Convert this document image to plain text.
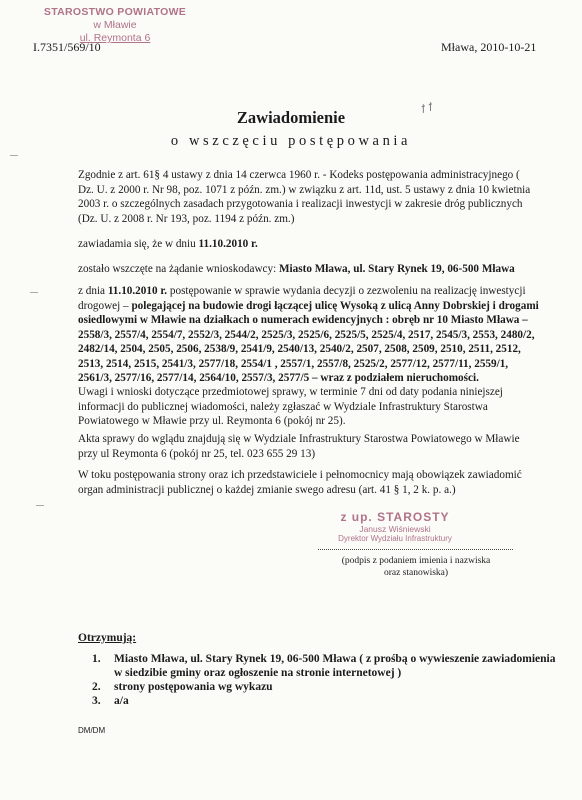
STAROSTWO POWIATOWE
w Mławie
ul. Reymonta 6
I.7351/569/10	Mława, 2010-10-21
ꝉ ꝉ
Zawiadomienie
o wszczęciu postępowania

Zgodnie z art. 61§ 4 ustawy z dnia 14 czerwca 1960 r. - Kodeks postępowania administracyjnego ( Dz. U. z 2000 r. Nr 98, poz. 1071 z późn. zm.) w związku z art. 11d, ust. 5 ustawy z dnia 10 kwietnia 2003 r. o szczególnych zasadach przygotowania i realizacji inwestycji w zakresie dróg publicznych (Dz. U. z 2008 r. Nr 193, poz. 1194 z późn. zm.)

zawiadamia się, że w dniu 11.10.2010 r.

zostało wszczęte na żądanie wnioskodawcy: Miasto Mława, ul. Stary Rynek 19, 06-500 Mława

z dnia 11.10.2010 r. postępowanie w sprawie wydania decyzji o zezwoleniu na realizację inwestycji drogowej – polegającej na budowie drogi łączącej ulicę Wysoką z ulicą Anny Dobrskiej i drogami osiedlowymi w Mławie na działkach o numerach ewidencyjnych : obręb nr 10 Miasto Mława – 2558/3, 2557/4, 2554/7, 2552/3, 2544/2, 2525/3, 2525/6, 2525/5, 2525/4, 2517, 2545/3, 2553, 2480/2, 2482/14, 2504, 2505, 2506, 2538/9, 2541/9, 2540/13, 2540/2, 2507, 2508, 2509, 2510, 2511, 2512, 2513, 2514, 2515, 2541/3, 2577/18, 2554/1 , 2557/1, 2557/8, 2525/2, 2577/12, 2577/11, 2559/1, 2561/3, 2577/16, 2577/14, 2564/10, 2557/3, 2577/5 – wraz z podziałem nieruchomości.

Uwagi i wnioski dotyczące przedmiotowej sprawy, w terminie 7 dni od daty podania niniejszej informacji do publicznej wiadomości, należy zgłaszać w Wydziale Infrastruktury Starostwa Powiatowego w Mławie przy ul. Reymonta 6 (pokój nr 25).

Akta sprawy do wglądu znajdują się w Wydziale Infrastruktury Starostwa Powiatowego w Mławie przy ul Reymonta 6 (pokój nr 25, tel. 023 655 29 13)

W toku postępowania strony oraz ich przedstawiciele i pełnomocnicy mają obowiązek zawiadomić organ administracji publicznej o każdej zmianie swego adresu (art. 41 § 1, 2 k. p. a.)

z up. STAROSTY
Janusz Wiśniewski
Dyrektor Wydziału Infrastruktury
(podpis z podaniem imienia i nazwiska
oraz stanowiska)
Otrzymują:
1.	Miasto Mława, ul. Stary Rynek 19, 06-500 Mława ( z prośbą o wywieszenie zawiadomienia w siedzibie gminy oraz ogłoszenie na stronie internetowej )
2.	strony postępowania wg wykazu
3.	a/a
DM/DM
